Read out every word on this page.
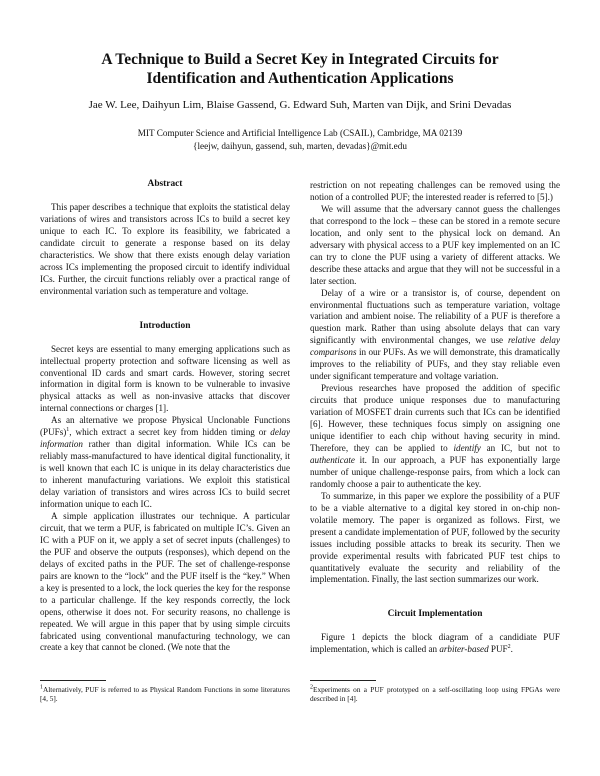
A Technique to Build a Secret Key in Integrated Circuits for
Identification and Authentication Applications
Jae W. Lee, Daihyun Lim, Blaise Gassend, G. Edward Suh, Marten van Dijk, and Srini Devadas
MIT Computer Science and Artificial Intelligence Lab (CSAIL), Cambridge, MA 02139
{leejw, daihyun, gassend, suh, marten, devadas}@mit.edu
Abstract

This paper describes a technique that exploits the statistical delay variations of wires and transistors across ICs to build a secret key unique to each IC. To explore its feasibility, we fabricated a candidate circuit to generate a response based on its delay characteristics. We show that there exists enough delay variation across ICs implementing the proposed circuit to identify individual ICs. Further, the circuit functions reliably over a practical range of environmental variation such as temperature and voltage.

Introduction

Secret keys are essential to many emerging applications such as intellectual property protection and software licensing as well as conventional ID cards and smart cards. However, storing secret information in digital form is known to be vulnerable to invasive physical attacks as well as non-invasive attacks that discover internal connections or charges [1].

As an alternative we propose Physical Unclonable Functions (PUFs)$^1$, which extract a secret key from hidden timing or delay information rather than digital information. While ICs can be reliably mass-manufactured to have identical digital functionality, it is well known that each IC is unique in its delay characteristics due to inherent manufacturing variations. We exploit this statistical delay variation of transistors and wires across ICs to build secret information unique to each IC.

A simple application illustrates our technique. A particular circuit, that we term a PUF, is fabricated on multiple IC’s. Given an IC with a PUF on it, we apply a set of secret inputs (challenges) to the PUF and observe the outputs (responses), which depend on the delays of excited paths in the PUF. The set of challenge-response pairs are known to the “lock” and the PUF itself is the “key.” When a key is presented to a lock, the lock queries the key for the response to a particular challenge. If the key responds correctly, the lock opens, otherwise it does not. For security reasons, no challenge is repeated. We will argue in this paper that by using simple circuits fabricated using conventional manufacturing technology, we can create a key that cannot be cloned. (We note that the

restriction on not repeating challenges can be removed using the notion of a controlled PUF; the interested reader is referred to [5].)

We will assume that the adversary cannot guess the challenges that correspond to the lock – these can be stored in a remote secure location, and only sent to the physical lock on demand. An adversary with physical access to a PUF key implemented on an IC can try to clone the PUF using a variety of different attacks. We describe these attacks and argue that they will not be successful in a later section.

Delay of a wire or a transistor is, of course, dependent on environmental fluctuations such as temperature variation, voltage variation and ambient noise. The reliability of a PUF is therefore a question mark. Rather than using absolute delays that can vary significantly with environmental changes, we use relative delay comparisons in our PUFs. As we will demonstrate, this dramatically improves to the reliability of PUFs, and they stay reliable even under significant temperature and voltage variation.

Previous researches have proposed the addition of specific circuits that produce unique responses due to manufacturing variation of MOSFET drain currents such that ICs can be identified [6]. However, these techniques focus simply on assigning one unique identifier to each chip without having security in mind. Therefore, they can be applied to identify an IC, but not to authenticate it. In our approach, a PUF has exponentially large number of unique challenge-response pairs, from which a lock can randomly choose a pair to authenticate the key.

To summarize, in this paper we explore the possibility of a PUF to be a viable alternative to a digital key stored in on-chip non-volatile memory. The paper is organized as follows. First, we present a candidate implementation of PUF, followed by the security issues including possible attacks to break its security. Then we provide experimental results with fabricated PUF test chips to quantitatively evaluate the security and reliability of the implementation. Finally, the last section summarizes our work.

Circuit Implementation

Figure 1 depicts the block diagram of a candidiate PUF implementation, which is called an arbiter-based PUF$^2$.

$^1$Alternatively, PUF is referred to as Physical Random Functions in some literatures [4, 5].
$^2$Experiments on a PUF prototyped on a self-oscillating loop using FPGAs were described in [4].
